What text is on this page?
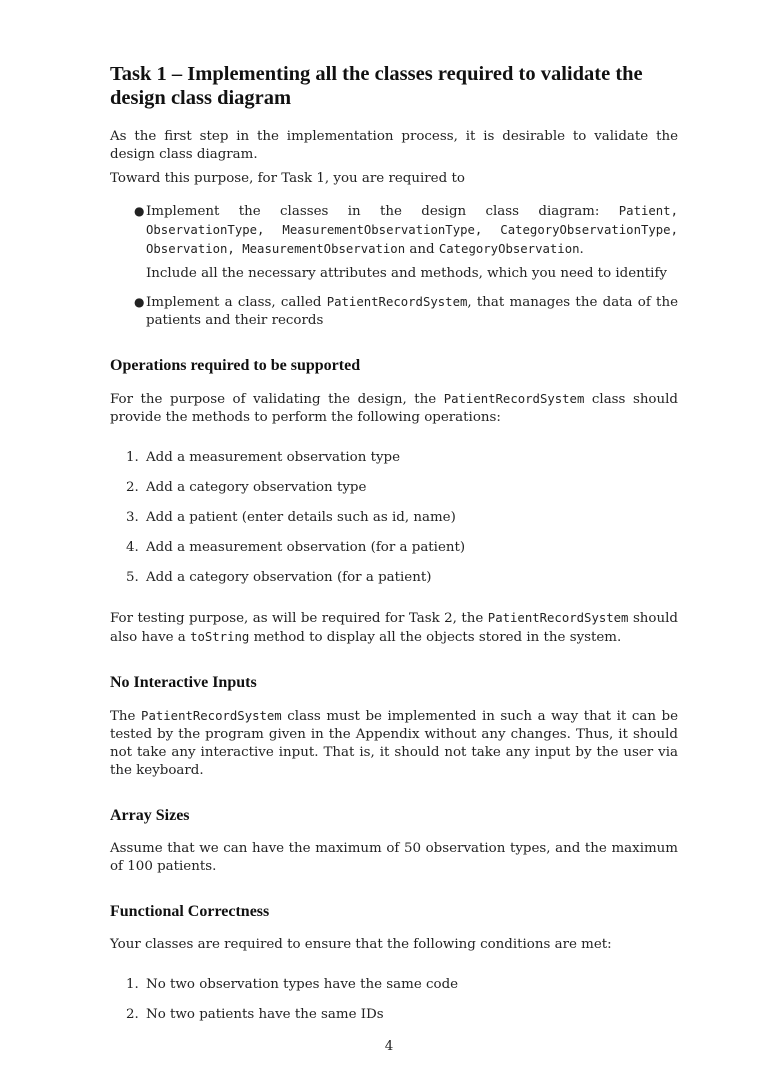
Task 1 – Implementing all the classes required to validate the design class diagram

As the first step in the implementation process, it is desirable to validate the design class diagram.

Toward this purpose, for Task 1, you are required to

● Implement the classes in the design class diagram: Patient, ObservationType, MeasurementObservationType, CategoryObservationType, Observation, MeasurementObservation and CategoryObservation.
Include all the necessary attributes and methods, which you need to identify
● Implement a class, called PatientRecordSystem, that manages the data of the patients and their records
Operations required to be supported

For the purpose of validating the design, the PatientRecordSystem class should provide the methods to perform the following operations:

1. Add a measurement observation type
2. Add a category observation type
3. Add a patient (enter details such as id, name)
4. Add a measurement observation (for a patient)
5. Add a category observation (for a patient)

For testing purpose, as will be required for Task 2, the PatientRecordSystem should also have a toString method to display all the objects stored in the system.

No Interactive Inputs

The PatientRecordSystem class must be implemented in such a way that it can be tested by the program given in the Appendix without any changes. Thus, it should not take any interactive input. That is, it should not take any input by the user via the keyboard.

Array Sizes

Assume that we can have the maximum of 50 observation types, and the maximum of 100 patients.

Functional Correctness

Your classes are required to ensure that the following conditions are met:

1. No two observation types have the same code
2. No two patients have the same IDs
4
